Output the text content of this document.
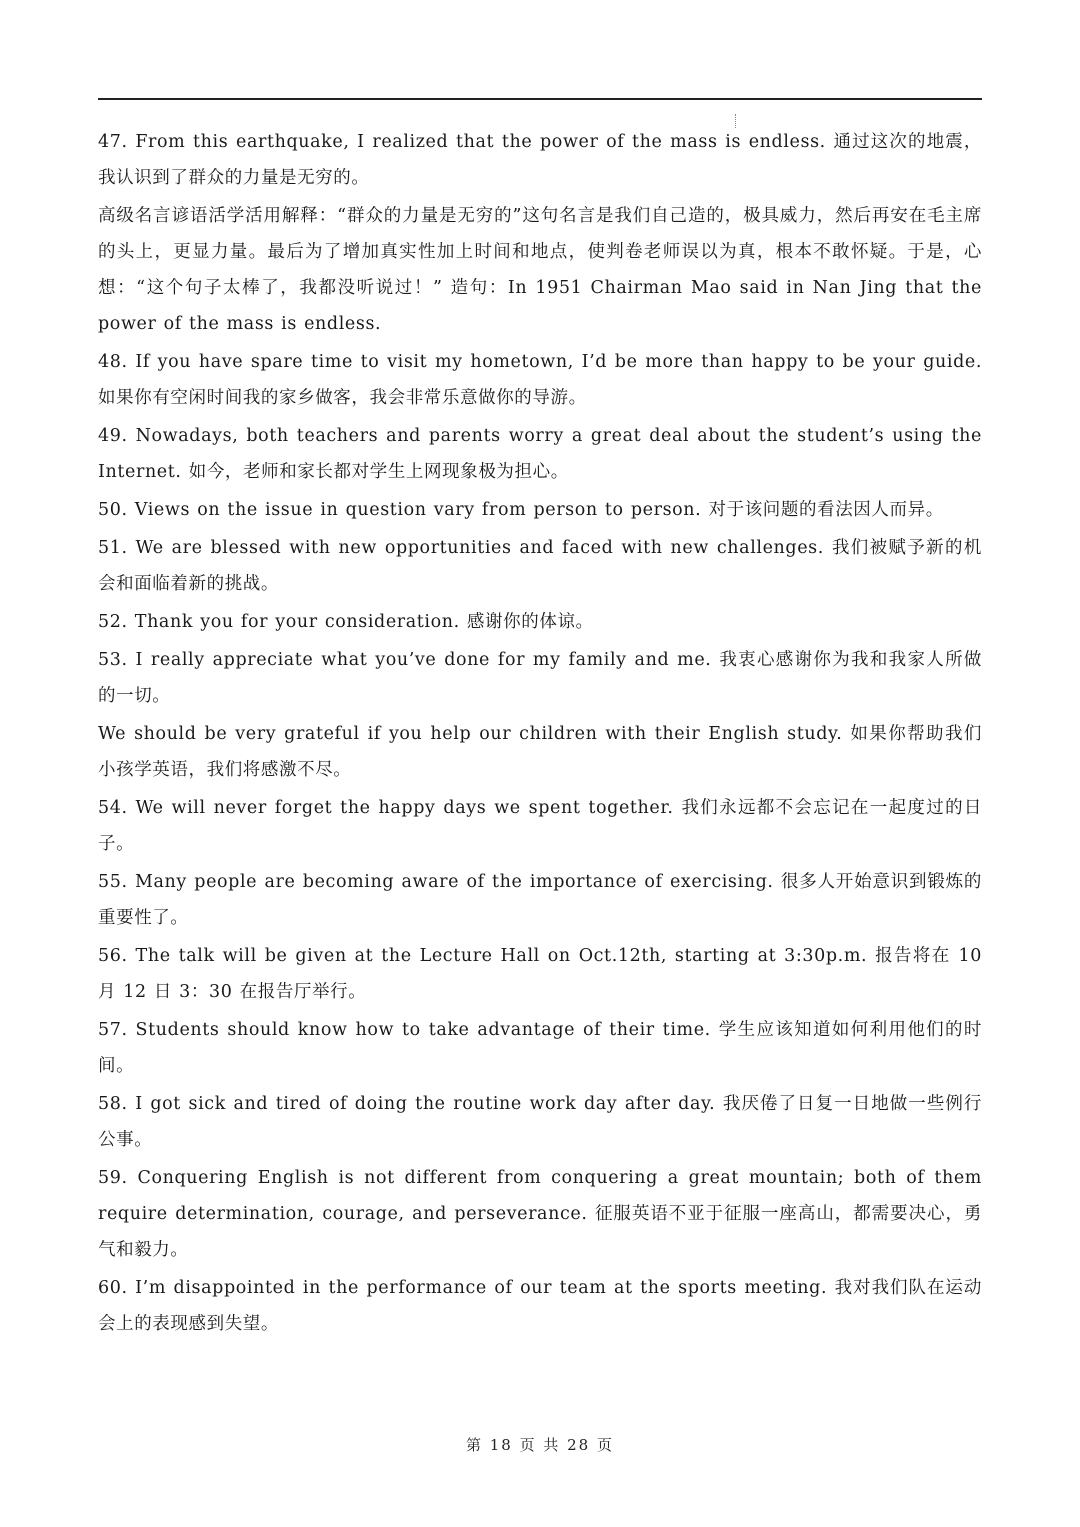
47. From this earthquake, I realized that the power of the mass is endless. 通过这次的地震，我认识到了群众的力量是无穷的。

高级名言谚语活学活用解释：“群众的力量是无穷的”这句名言是我们自己造的，极具威力，然后再安在毛主席的头上，更显力量。最后为了增加真实性加上时间和地点，使判卷老师误以为真，根本不敢怀疑。于是，心想：“这个句子太棒了，我都没听说过！” 造句：In 1951 Chairman Mao said in Nan Jing that the power of the mass is endless.

48. If you have spare time to visit my hometown, I’d be more than happy to be your guide. 如果你有空闲时间我的家乡做客，我会非常乐意做你的导游。

49. Nowadays, both teachers and parents worry a great deal about the student’s using the Internet. 如今，老师和家长都对学生上网现象极为担心。

50. Views on the issue in question vary from person to person. 对于该问题的看法因人而异。

51. We are blessed with new opportunities and faced with new challenges. 我们被赋予新的机会和面临着新的挑战。

52. Thank you for your consideration. 感谢你的体谅。

53. I really appreciate what you’ve done for my family and me. 我衷心感谢你为我和我家人所做的一切。

We should be very grateful if you help our children with their English study. 如果你帮助我们小孩学英语，我们将感激不尽。

54. We will never forget the happy days we spent together. 我们永远都不会忘记在一起度过的日子。

55. Many people are becoming aware of the importance of exercising. 很多人开始意识到锻炼的重要性了。

56. The talk will be given at the Lecture Hall on Oct.12th, starting at 3:30p.m. 报告将在 10 月 12 日 3：30 在报告厅举行。

57. Students should know how to take advantage of their time. 学生应该知道如何利用他们的时间。

58. I got sick and tired of doing the routine work day after day. 我厌倦了日复一日地做一些例行公事。

59. Conquering English is not different from conquering a great mountain; both of them require determination, courage, and perseverance. 征服英语不亚于征服一座高山，都需要决心，勇气和毅力。

60. I’m disappointed in the performance of our team at the sports meeting. 我对我们队在运动会上的表现感到失望。

第 18 页 共 28 页
